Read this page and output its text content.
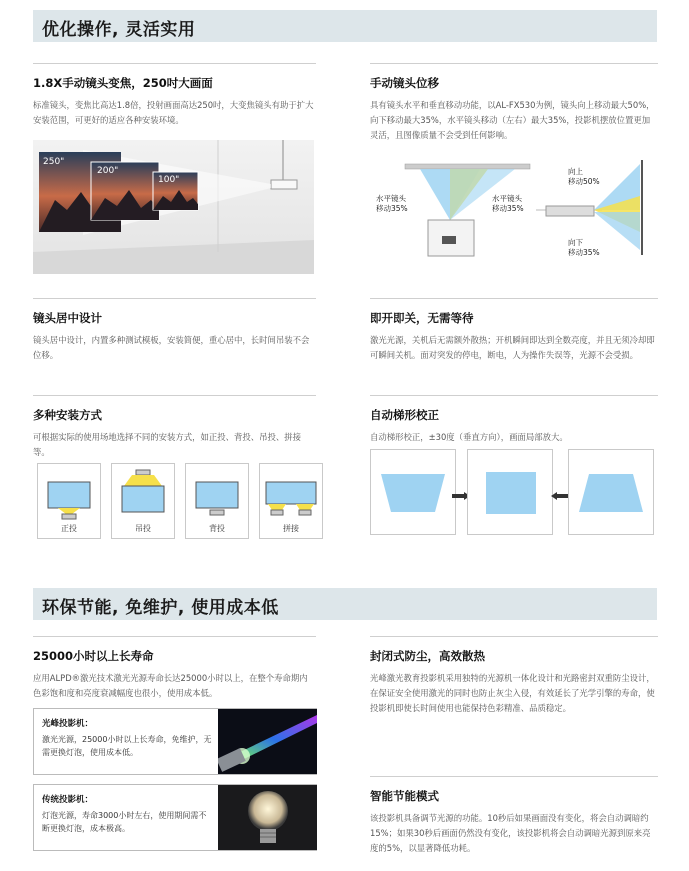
优化操作, 灵活实用
1.8X手动镜头变焦，250吋大画面

标准镜头，变焦比高达1.8倍，投射画面高达250吋，大变焦镜头有助于扩大安装范围，可更好的适应各种安装环境。

250"
200"
100"
手动镜头位移

具有镜头水平和垂直移动功能，以AL-FX530为例，镜头向上移动最大50%，向下移动最大35%，水平镜头移动（左右）最大35%，投影机摆放位置更加灵活，且图像质量不会受到任何影响。

水平镜头
移动35%
水平镜头
移动35%
向上
移动50%
向下
移动35%
镜头居中设计

镜头居中设计，内置多种测试模板，安装简便，重心居中，长时间吊装不会位移。

即开即关，无需等待

激光光源，关机后无需额外散热；开机瞬间即达到全数亮度，并且无须冷却即可瞬间关机。面对突发的停电，断电，人为操作失误等，光源不会受损。

多种安装方式

可根据实际的使用场地选择不同的安装方式，如正投、背投、吊投、拼接等。

正投	吊投	背投	拼接
自动梯形校正

自动梯形校正，±30度（垂直方向），画面局部放大。

环保节能, 免维护, 使用成本低
25000小时以上长寿命

应用ALPD®激光技术激光光源寿命长达25000小时以上，在整个寿命期内色彩饱和度和亮度衰减幅度也很小，使用成本低。

光峰投影机：
激光光源，25000小时以上长寿命，免维护，无需更换灯泡，使用成本低。
传统投影机：
灯泡光源，寿命3000小时左右，使用期间需不断更换灯泡，成本极高。
封闭式防尘，高效散热

光峰激光教育投影机采用独特的光源机一体化设计和光路密封双重防尘设计，在保证安全使用激光的同时也防止灰尘入侵，有效延长了光学引擎的寿命，使投影机即使长时间使用也能保持色彩精准、品质稳定。

智能节能模式

该投影机具备调节光源的功能。10秒后如果画面没有变化，将会自动调暗约15%；如果30秒后画面仍然没有变化，该投影机将会自动调暗光源到原来亮度的5%，以显著降低功耗。
